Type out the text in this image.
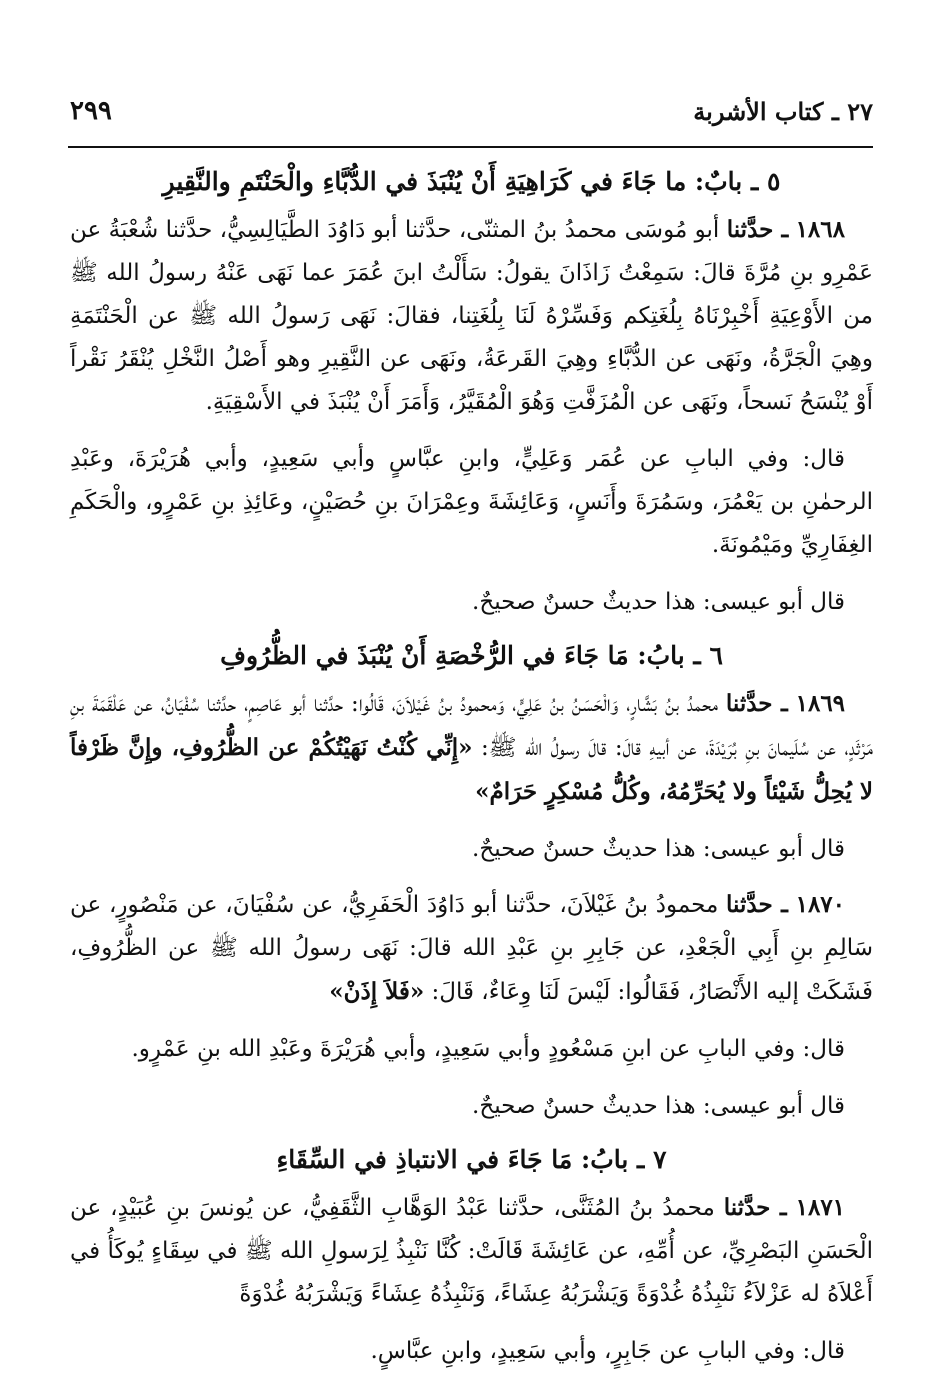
٢٧ ـ كتاب الأشربة
٢٩٩
٥ ـ بابٌ: ما جَاءَ في كَرَاهِيَةِ أَنْ يُنْبَذَ في الدُّبَّاءِ والْحَنْتَمِ والنَّقِيرِ

١٨٦٨ ـ حدَّثنا أبو مُوسَى محمدُ بنُ المثنّى، حدَّثنا أبو دَاوُدَ الطَّيَالِسِيُّ، حدَّثنا شُعْبَةُ عن عَمْرِو بنِ مُرَّةَ قالَ: سَمِعْتُ زَاذَانَ يقولُ: سَأَلْتُ ابنَ عُمَرَ عما نَهَى عَنْهُ رسولُ الله ﷺ من الأَوْعِيَةِ أَخْبِرْنَاهُ بِلُغَتِكم وَفَسِّرْهُ لَنَا بِلُغَتِنا، فقالَ: نَهَى رَسولُ الله ﷺ عن الْحَنْتَمَةِ وهِيَ الْجَرَّةُ، ونَهَى عن الدُّبَّاءِ وهِيَ القَرعَةُ، ونَهَى عن النَّقِيرِ وهو أَصْلُ النَّخْلِ يُنْقَرُ نَقْراً أَوْ يُنْسَحُ نَسحاً، ونَهَى عن الْمُزَفَّتِ وَهُوَ الْمُقَيَّرُ، وَأَمَرَ أَنْ يُنْبَذَ في الأَسْقِيَةِ.

قال: وفي البابِ عن عُمَر وَعَلِيٍّ، وابنِ عبَّاسٍ وأبي سَعِيدٍ، وأبي هُرَيْرَةَ، وعَبْدِ الرحمٰنِ بن يَعْمُرَ، وسَمُرَةَ وأَنَسٍ، وَعَائِشَةَ وعِمْرَانَ بنِ حُصَيْنٍ، وعَائِذِ بنِ عَمْرٍو، والْحَكَمِ الغِفَارِيِّ ومَيْمُونَةَ.

قال أبو عيسى: هذا حديثٌ حسنٌ صحيحٌ.

٦ ـ بابُ: مَا جَاءَ في الرُّخْصَةِ أَنْ يُنْبَذَ في الظُّرُوفِ

١٨٦٩ ـ حدَّثنا محمدُ بنُ بَشَّارٍ، وَالْحَسَنُ بنُ عَلِيٍّ، وَمحمودُ بنُ غَيْلاَنَ، قَالُوا: حدَّثنا أبو عَاصِمٍ، حدَّثنا سُفْيَانُ، عن عَلْقَمَةَ بنِ مَرْثَدٍ، عن سُلَيمانَ بنِ بُرَيْدَةَ، عن أبيهِ قالَ: قالَ رسولُ الله ﷺ: «إِنِّي كُنْتُ نَهَيْتُكُمْ عن الظُّرُوفِ، وإِنَّ ظَرْفاً لا يُحِلُّ شَيْئاً ولا يُحَرِّمُهُ، وكُلُّ مُسْكِرٍ حَرَامٌ»

قال أبو عيسى: هذا حديثٌ حسنٌ صحيحٌ.

١٨٧٠ ـ حدَّثنا محمودُ بنُ غَيْلاَنَ، حدَّثنا أبو دَاوُدَ الْحَفَرِيُّ، عن سُفْيَانَ، عن مَنْصُورٍ، عن سَالِمِ بنِ أَبِي الْجَعْدِ، عن جَابِرِ بنِ عَبْدِ الله قالَ: نَهَى رسولُ الله ﷺ عن الظُّرُوفِ، فَشَكَتْ إليه الأَنْصَارُ، فَقَالُوا: لَيْسَ لَنَا وِعَاءٌ، قَالَ: «فَلاَ إِذَنْ»

قال: وفي البابِ عن ابنِ مَسْعُودٍ وأبي سَعِيدٍ، وأبي هُرَيْرَةَ وعَبْدِ الله بنِ عَمْرٍو.

قال أبو عيسى: هذا حديثٌ حسنٌ صحيحٌ.

٧ ـ بابُ: مَا جَاءَ في الانتباذِ في السِّقَاءِ

١٨٧١ ـ حدَّثنا محمدُ بنُ المُثَنَّى، حدَّثنا عَبْدُ الوَهَّابِ الثَّقَفِيُّ، عن يُونسَ بنِ عُبَيْدٍ، عن الْحَسَنِ البَصْرِيِّ، عن أُمِّهِ، عن عَائِشَةَ قَالَتْ: كُنَّا نَنْبِذُ لِرَسولِ الله ﷺ في سِقَاءٍ يُوكَأُ في أَعْلاَهُ له عَزْلاَءُ نَنْبِذُهُ غُدْوَةً وَيَشْرَبُهُ عِشَاءً، وَنَنْبِذُهُ عِشَاءً وَيَشْرَبُهُ غُدْوَةً

قال: وفي البابِ عن جَابِرٍ، وأبي سَعِيدٍ، وابنِ عبَّاسٍ.
